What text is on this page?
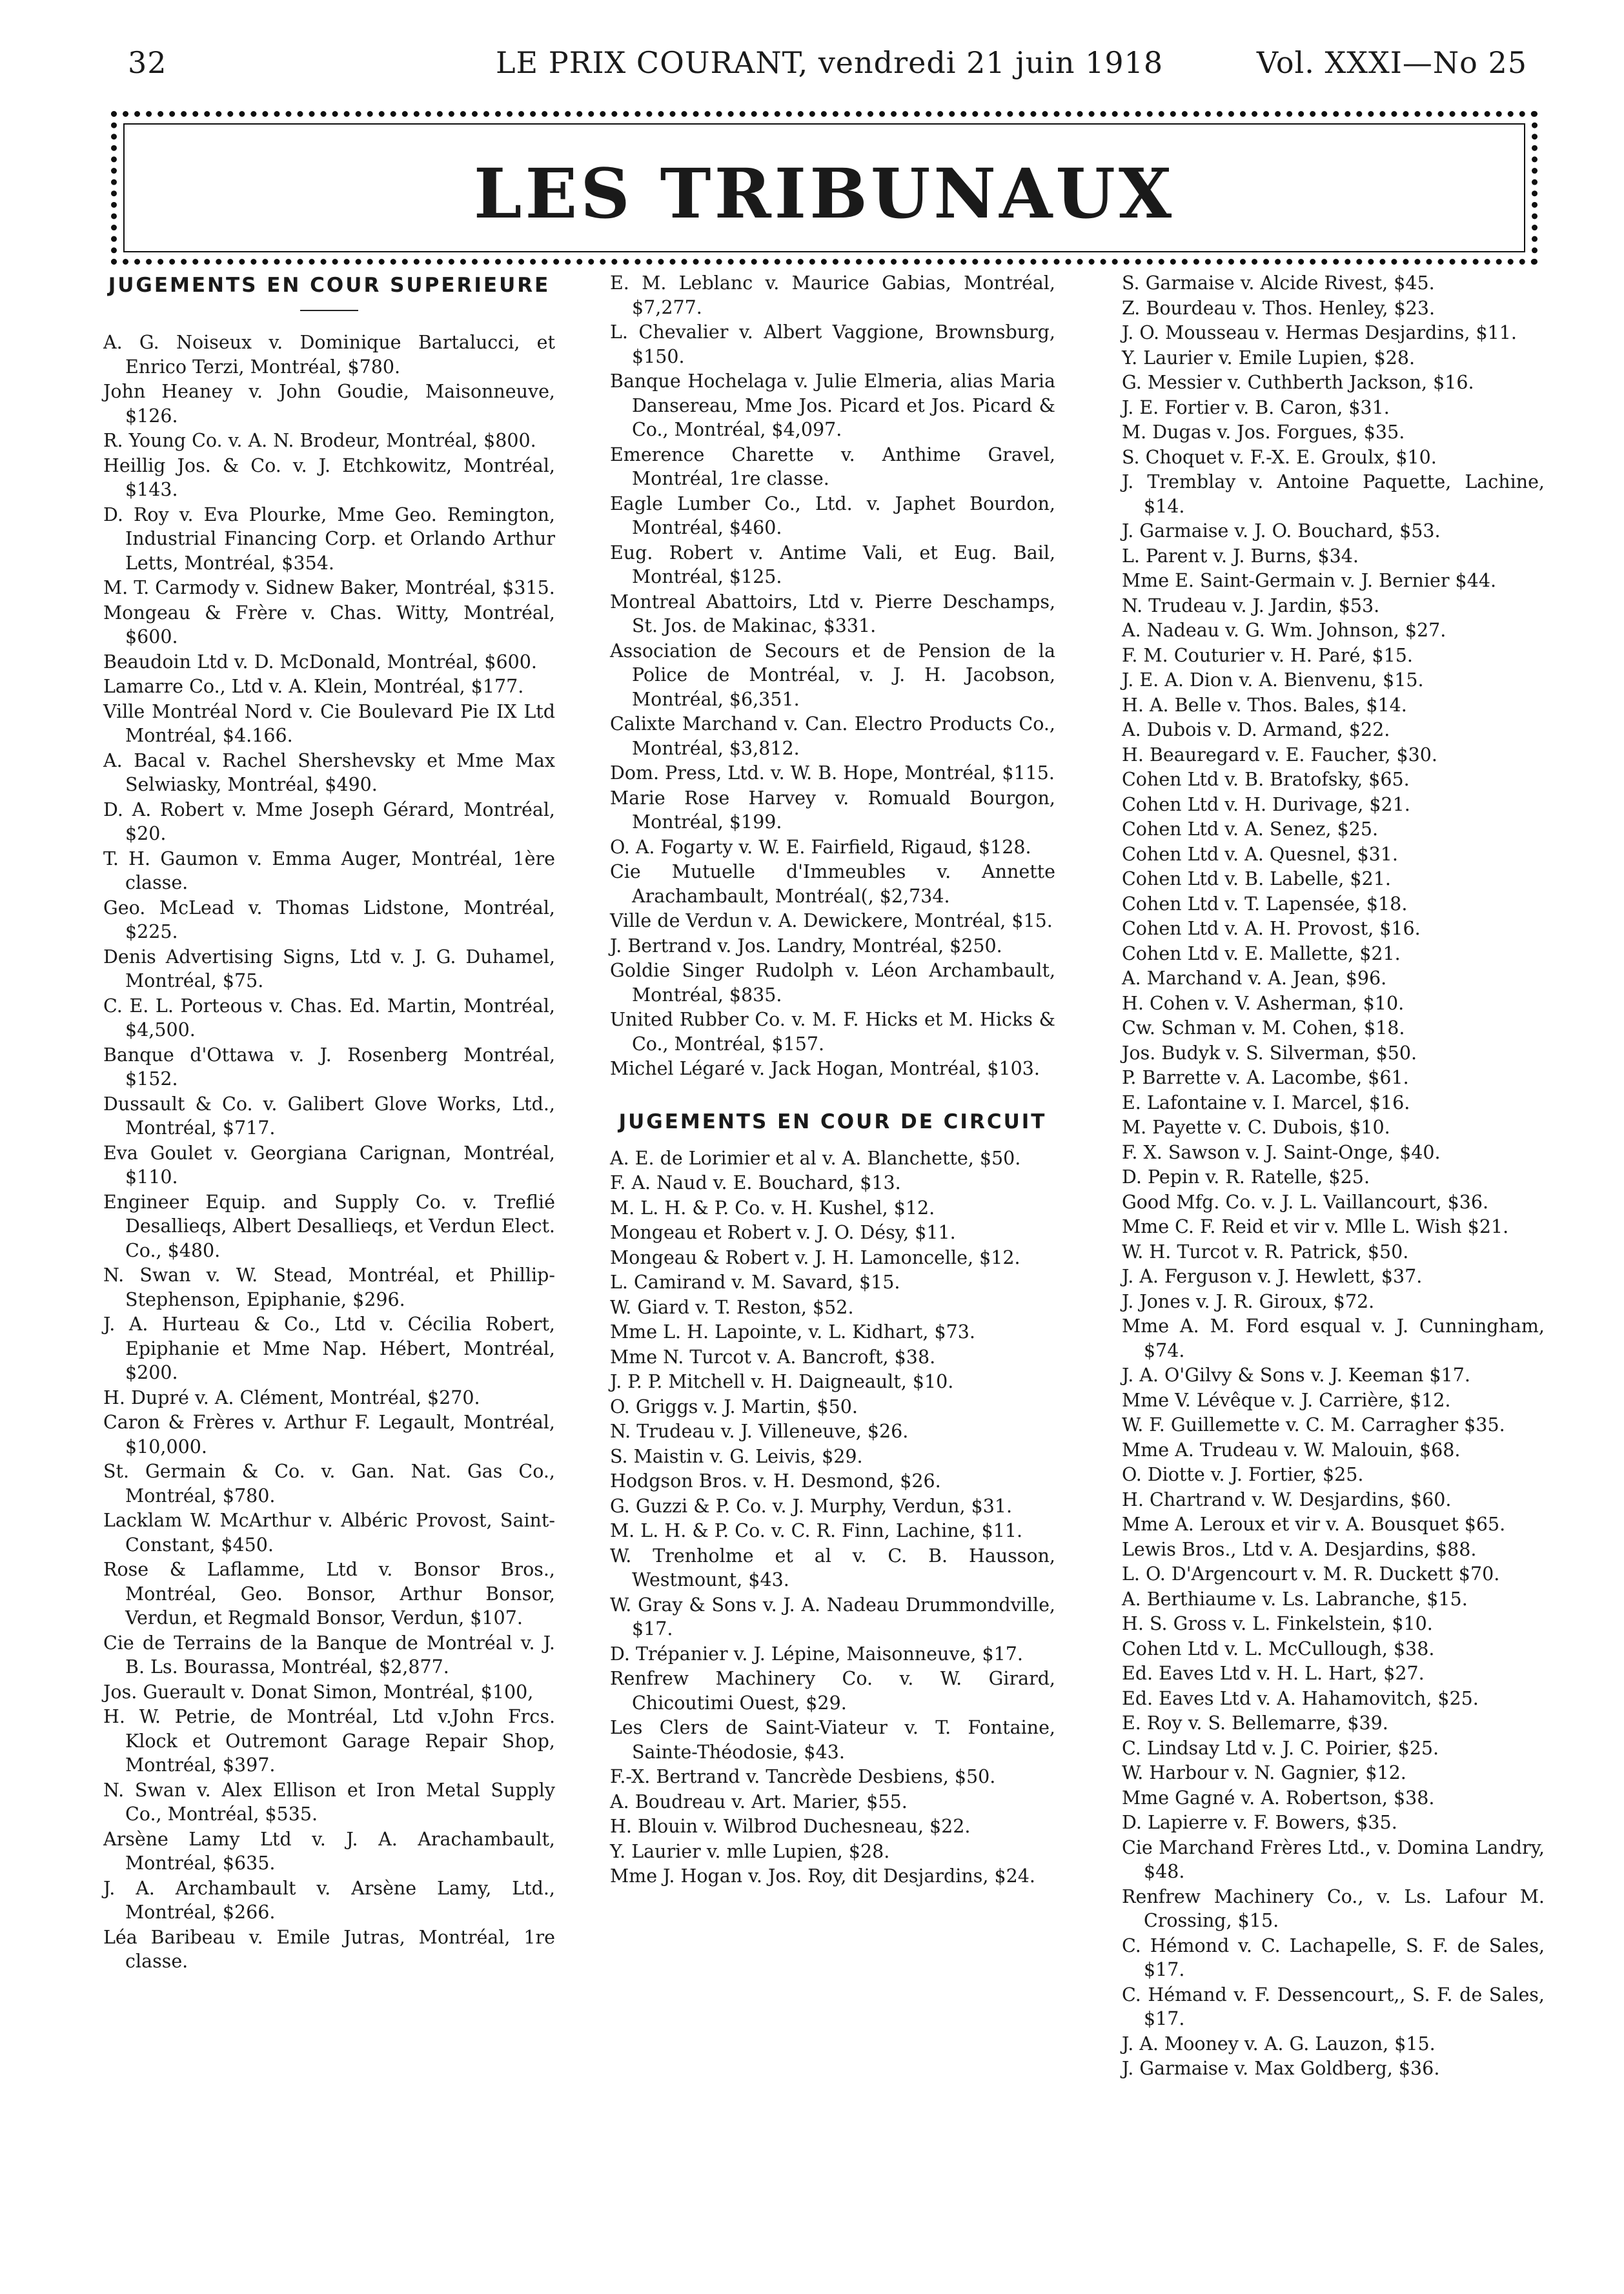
32	LE PRIX COURANT, vendredi 21 juin 1918	Vol. XXXI—No 25
LES TRIBUNAUX
JUGEMENTS EN COUR SUPERIEURE

A. G. Noiseux v. Dominique Bartalucci, et Enrico Terzi, Montréal, $780.

John Heaney v. John Goudie, Maisonneuve, $126.

R. Young Co. v. A. N. Brodeur, Montréal, $800.

Heillig Jos. & Co. v. J. Etchkowitz, Montréal, $143.

D. Roy v. Eva Plourke, Mme Geo. Remington, Industrial Financing Corp. et Orlando Arthur Letts, Montréal, $354.

M. T. Carmody v. Sidnew Baker, Montréal, $315.

Mongeau & Frère v. Chas. Witty, Montréal, $600.

Beaudoin Ltd v. D. McDonald, Montréal, $600.

Lamarre Co., Ltd v. A. Klein, Montréal, $177.

Ville Montréal Nord v. Cie Boulevard Pie IX Ltd Montréal, $4.166.

A. Bacal v. Rachel Shershevsky et Mme Max Selwiasky, Montréal, $490.

D. A. Robert v. Mme Joseph Gérard, Montréal, $20.

T. H. Gaumon v. Emma Auger, Montréal, 1ère classe.

Geo. McLead v. Thomas Lidstone, Montréal, $225.

Denis Advertising Signs, Ltd v. J. G. Duhamel, Montréal, $75.

C. E. L. Porteous v. Chas. Ed. Martin, Montréal, $4,500.

Banque d'Ottawa v. J. Rosenberg Montréal, $152.

Dussault & Co. v. Galibert Glove Works, Ltd., Montréal, $717.

Eva Goulet v. Georgiana Carignan, Montréal, $110.

Engineer Equip. and Supply Co. v. Treflié Desallieqs, Albert Desallieqs, et Verdun Elect. Co., $480.

N. Swan v. W. Stead, Montréal, et Phillip-Stephenson, Epiphanie, $296.

J. A. Hurteau & Co., Ltd v. Cécilia Robert, Epiphanie et Mme Nap. Hébert, Montréal, $200.

H. Dupré v. A. Clément, Montréal, $270.

Caron & Frères v. Arthur F. Legault, Montréal, $10,000.

St. Germain & Co. v. Gan. Nat. Gas Co., Montréal, $780.

Lacklam W. McArthur v. Albéric Provost, Saint-Constant, $450.

Rose & Laflamme, Ltd v. Bonsor Bros., Montréal, Geo. Bonsor, Arthur Bonsor, Verdun, et Regmald Bonsor, Verdun, $107.

Cie de Terrains de la Banque de Montréal v. J. B. Ls. Bourassa, Montréal, $2,877.

Jos. Guerault v. Donat Simon, Montréal, $100,

H. W. Petrie, de Montréal, Ltd v.John Frcs. Klock et Outremont Garage Repair Shop, Montréal, $397.

N. Swan v. Alex Ellison et Iron Metal Supply Co., Montréal, $535.

Arsène Lamy Ltd v. J. A. Arachambault, Montréal, $635.

J. A. Archambault v. Arsène Lamy, Ltd., Montréal, $266.

Léa Baribeau v. Emile Jutras, Montréal, 1re classe.

E. M. Leblanc v. Maurice Gabias, Montréal, $7,277.

L. Chevalier v. Albert Vaggione, Brownsburg, $150.

Banque Hochelaga v. Julie Elmeria, alias Maria Dansereau, Mme Jos. Picard et Jos. Picard & Co., Montréal, $4,097.

Emerence Charette v. Anthime Gravel, Montréal, 1re classe.

Eagle Lumber Co., Ltd. v. Japhet Bourdon, Montréal, $460.

Eug. Robert v. Antime Vali, et Eug. Bail, Montréal, $125.

Montreal Abattoirs, Ltd v. Pierre Deschamps, St. Jos. de Makinac, $331.

Association de Secours et de Pension de la Police de Montréal, v. J. H. Jacobson, Montréal, $6,351.

Calixte Marchand v. Can. Electro Products Co., Montréal, $3,812.

Dom. Press, Ltd. v. W. B. Hope, Montréal, $115.

Marie Rose Harvey v. Romuald Bourgon, Montréal, $199.

O. A. Fogarty v. W. E. Fairfield, Rigaud, $128.

Cie Mutuelle d'Immeubles v. Annette Arachambault, Montréal(, $2,734.

Ville de Verdun v. A. Dewickere, Montréal, $15.

J. Bertrand v. Jos. Landry, Montréal, $250.

Goldie Singer Rudolph v. Léon Archambault, Montréal, $835.

United Rubber Co. v. M. F. Hicks et M. Hicks & Co., Montréal, $157.

Michel Légaré v. Jack Hogan, Montréal, $103.

JUGEMENTS EN COUR DE CIRCUIT

A. E. de Lorimier et al v. A. Blanchette, $50.

F. A. Naud v. E. Bouchard, $13.

M. L. H. & P. Co. v. H. Kushel, $12.

Mongeau et Robert v. J. O. Désy, $11.

Mongeau & Robert v. J. H. Lamoncelle, $12.

L. Camirand v. M. Savard, $15.

W. Giard v. T. Reston, $52.

Mme L. H. Lapointe, v. L. Kidhart, $73.

Mme N. Turcot v. A. Bancroft, $38.

J. P. P. Mitchell v. H. Daigneault, $10.

O. Griggs v. J. Martin, $50.

N. Trudeau v. J. Villeneuve, $26.

S. Maistin v. G. Leivis, $29.

Hodgson Bros. v. H. Desmond, $26.

G. Guzzi & P. Co. v. J. Murphy, Verdun, $31.

M. L. H. & P. Co. v. C. R. Finn, Lachine, $11.

W. Trenholme et al v. C. B. Hausson, Westmount, $43.

W. Gray & Sons v. J. A. Nadeau Drummondville, $17.

D. Trépanier v. J. Lépine, Maisonneuve, $17.

Renfrew Machinery Co. v. W. Girard, Chicoutimi Ouest, $29.

Les Clers de Saint-Viateur v. T. Fontaine, Sainte-Théodosie, $43.

F.-X. Bertrand v. Tancrède Desbiens, $50.

A. Boudreau v. Art. Marier, $55.

H. Blouin v. Wilbrod Duchesneau, $22.

Y. Laurier v. mlle Lupien, $28.

Mme J. Hogan v. Jos. Roy, dit Desjardins, $24.

S. Garmaise v. Alcide Rivest, $45.

Z. Bourdeau v. Thos. Henley, $23.

J. O. Mousseau v. Hermas Desjardins, $11.

Y. Laurier v. Emile Lupien, $28.

G. Messier v. Cuthberth Jackson, $16.

J. E. Fortier v. B. Caron, $31.

M. Dugas v. Jos. Forgues, $35.

S. Choquet v. F.-X. E. Groulx, $10.

J. Tremblay v. Antoine Paquette, Lachine, $14.

J. Garmaise v. J. O. Bouchard, $53.

L. Parent v. J. Burns, $34.

Mme E. Saint-Germain v. J. Bernier $44.

N. Trudeau v. J. Jardin, $53.

A. Nadeau v. G. Wm. Johnson, $27.

F. M. Couturier v. H. Paré, $15.

J. E. A. Dion v. A. Bienvenu, $15.

H. A. Belle v. Thos. Bales, $14.

A. Dubois v. D. Armand, $22.

H. Beauregard v. E. Faucher, $30.

Cohen Ltd v. B. Bratofsky, $65.

Cohen Ltd v. H. Durivage, $21.

Cohen Ltd v. A. Senez, $25.

Cohen Ltd v. A. Quesnel, $31.

Cohen Ltd v. B. Labelle, $21.

Cohen Ltd v. T. Lapensée, $18.

Cohen Ltd v. A. H. Provost, $16.

Cohen Ltd v. E. Mallette, $21.

A. Marchand v. A. Jean, $96.

H. Cohen v. V. Asherman, $10.

Cw. Schman v. M. Cohen, $18.

Jos. Budyk v. S. Silverman, $50.

P. Barrette v. A. Lacombe, $61.

E. Lafontaine v. I. Marcel, $16.

M. Payette v. C. Dubois, $10.

F. X. Sawson v. J. Saint-Onge, $40.

D. Pepin v. R. Ratelle, $25.

Good Mfg. Co. v. J. L. Vaillancourt, $36.

Mme C. F. Reid et vir v. Mlle L. Wish $21.

W. H. Turcot v. R. Patrick, $50.

J. A. Ferguson v. J. Hewlett, $37.

J. Jones v. J. R. Giroux, $72.

Mme A. M. Ford esqual v. J. Cunningham, $74.

J. A. O'Gilvy & Sons v. J. Keeman $17.

Mme V. Lévêque v. J. Carrière, $12.

W. F. Guillemette v. C. M. Carragher $35.

Mme A. Trudeau v. W. Malouin, $68.

O. Diotte v. J. Fortier, $25.

H. Chartrand v. W. Desjardins, $60.

Mme A. Leroux et vir v. A. Bousquet $65.

Lewis Bros., Ltd v. A. Desjardins, $88.

L. O. D'Argencourt v. M. R. Duckett $70.

A. Berthiaume v. Ls. Labranche, $15.

H. S. Gross v. L. Finkelstein, $10.

Cohen Ltd v. L. McCullough, $38.

Ed. Eaves Ltd v. H. L. Hart, $27.

Ed. Eaves Ltd v. A. Hahamovitch, $25.

E. Roy v. S. Bellemarre, $39.

C. Lindsay Ltd v. J. C. Poirier, $25.

W. Harbour v. N. Gagnier, $12.

Mme Gagné v. A. Robertson, $38.

D. Lapierre v. F. Bowers, $35.

Cie Marchand Frères Ltd., v. Domina Landry, $48.

Renfrew Machinery Co., v. Ls. Lafour M. Crossing, $15.

C. Hémond v. C. Lachapelle, S. F. de Sales, $17.

C. Hémand v. F. Dessencourt,, S. F. de Sales, $17.

J. A. Mooney v. A. G. Lauzon, $15.

J. Garmaise v. Max Goldberg, $36.
